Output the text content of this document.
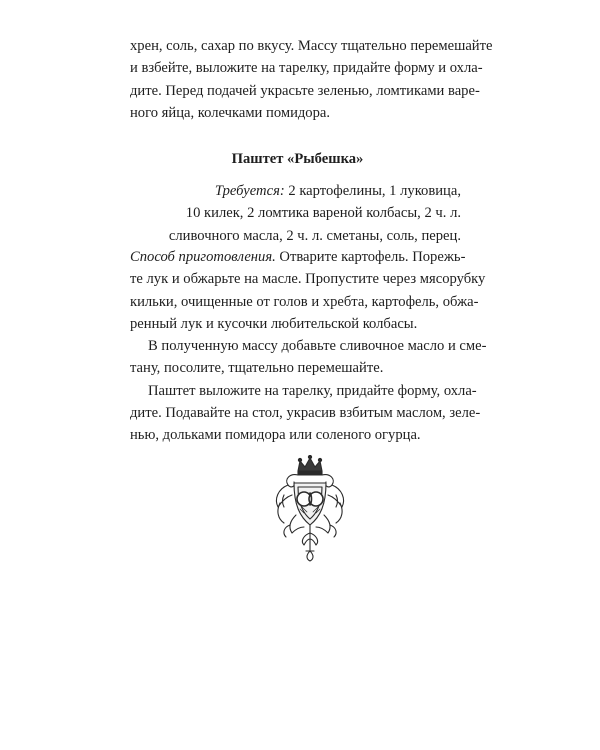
хрен, соль, сахар по вкусу. Массу тщательно перемешайте
и взбейте, выложите на тарелку, придайте форму и охла-
дите. Перед подачей украсьте зеленью, ломтиками варе-
ного яйца, колечками помидора.
Паштет «Рыбешка»
Требуется: 2 картофелины, 1 луковица,
10 килек, 2 ломтика вареной колбасы, 2 ч. л.
сливочного масла, 2 ч. л. сметаны, соль, перец.
Способ приготовления. Отварите картофель. Порежь-
те лук и обжарьте на масле. Пропустите через мясорубку
кильки, очищенные от голов и хребта, картофель, обжа-
ренный лук и кусочки любительской колбасы.
В полученную массу добавьте сливочное масло и сме-
тану, посолите, тщательно перемешайте.
Паштет выложите на тарелку, придайте форму, охла-
дите. Подавайте на стол, украсив взбитым маслом, зеле-
нью, дольками помидора или соленого огурца.
